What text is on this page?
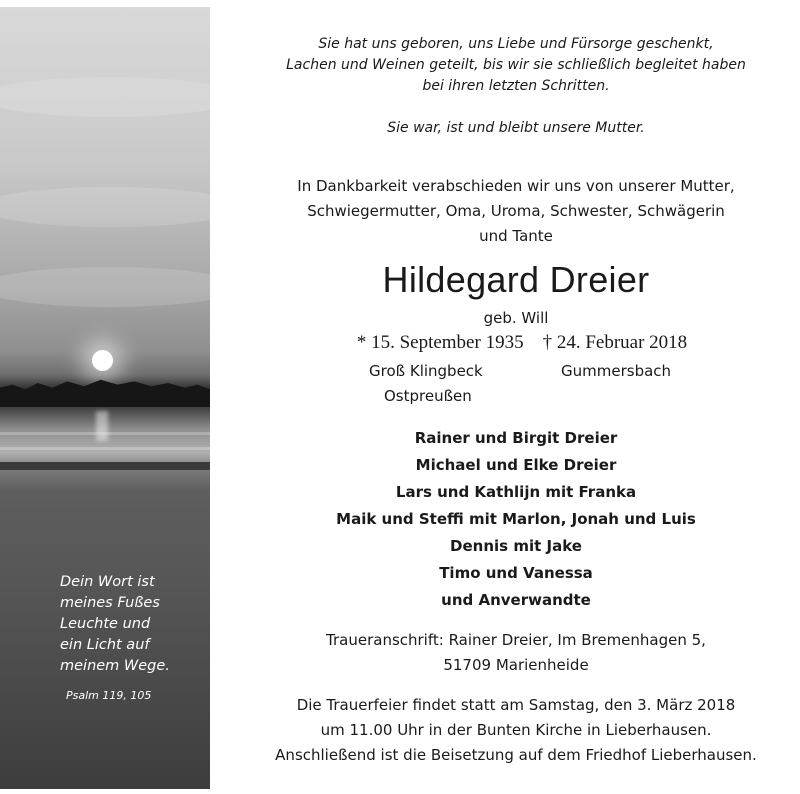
Dein Wort ist
meines Fußes
Leuchte und
ein Licht auf
meinem Wege.
Psalm 119, 105
Sie hat uns geboren, uns Liebe und Fürsorge geschenkt,
Lachen und Weinen geteilt, bis wir sie schließlich begleitet haben
bei ihren letzten Schritten.
Sie war, ist und bleibt unsere Mutter.
In Dankbarkeit verabschieden wir uns von unserer Mutter,
Schwiegermutter, Oma, Uroma, Schwester, Schwägerin
und Tante
Hildegard Dreier
geb. Will
* 15. September 1935 † 24. Februar 2018
Groß Klingbeck
Ostpreußen
Gummersbach
Rainer und Birgit Dreier
Michael und Elke Dreier
Lars und Kathlijn mit Franka
Maik und Steffi mit Marlon, Jonah und Luis
Dennis mit Jake
Timo und Vanessa
und Anverwandte
Traueranschrift: Rainer Dreier, Im Bremenhagen 5,
51709 Marienheide
Die Trauerfeier findet statt am Samstag, den 3. März 2018
um 11.00 Uhr in der Bunten Kirche in Lieberhausen.
Anschließend ist die Beisetzung auf dem Friedhof Lieberhausen.
